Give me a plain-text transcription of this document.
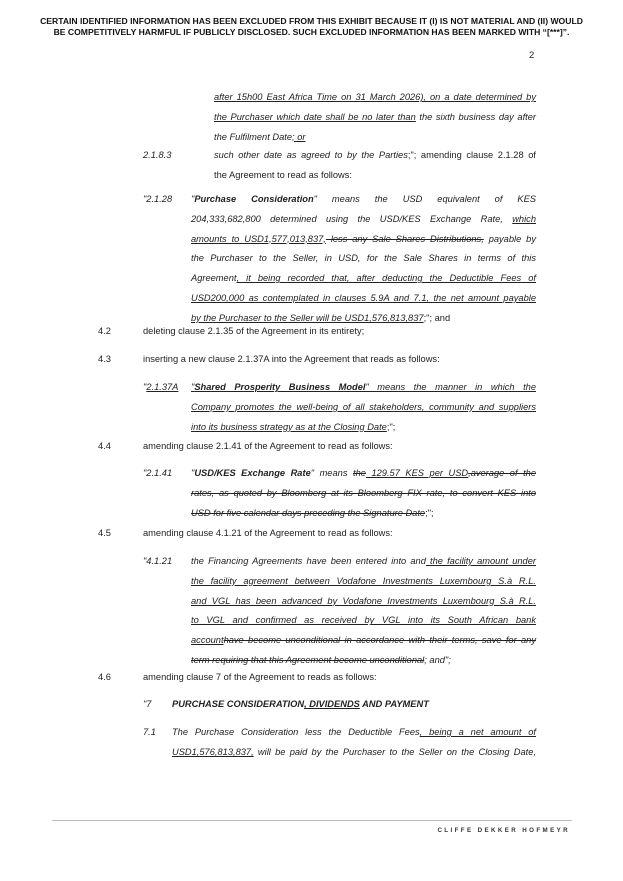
CERTAIN IDENTIFIED INFORMATION HAS BEEN EXCLUDED FROM THIS EXHIBIT BECAUSE IT (I) IS NOT MATERIAL AND (II) WOULD
BE COMPETITIVELY HARMFUL IF PUBLICLY DISCLOSED. SUCH EXCLUDED INFORMATION HAS BEEN MARKED WITH “[***]”.
2
after 15h00 East Africa Time on 31 March 2026), on a date determined by
the Purchaser which date shall be no later than the sixth business day after
the Fulfilment Date; or
2.1.8.3	such other date as agreed to by the Parties;"; amending clause 2.1.28 of
the Agreement to read as follows:
"2.1.28 "Purchase Consideration" means the USD equivalent of KES
204,333,682,800 determined using the USD/KES Exchange Rate, which
amounts to USD1,577,013,837, less any Sale Shares Distributions, payable by
the Purchaser to the Seller, in USD, for the Sale Shares in terms of this
Agreement, it being recorded that, after deducting the Deductible Fees of
USD200,000 as contemplated in clauses 5.9A and 7.1, the net amount payable
by the Purchaser to the Seller will be USD1,576,813,837;"; and
4.2	deleting clause 2.1.35 of the Agreement in its entirety;
4.3	inserting a new clause 2.1.37A into the Agreement that reads as follows:
"2.1.37A "Shared Prosperity Business Model" means the manner in which the
Company promotes the well-being of all stakeholders, community and suppliers
into its business strategy as at the Closing Date;";
4.4	amending clause 2.1.41 of the Agreement to read as follows:
"2.1.41 "USD/KES Exchange Rate" means the 129.57 KES per USD,average of the
rates, as quoted by Bloomberg at its Bloomberg FIX rate, to convert KES into
USD for five calendar days preceding the Signature Date;";
4.5	amending clause 4.1.21 of the Agreement to read as follows:
"4.1.21 the Financing Agreements have been entered into and the facility amount under
the facility agreement between Vodafone Investments Luxembourg S.à R.L.
and VGL has been advanced by Vodafone Investments Luxembourg S.à R.L.
to VGL and confirmed as received by VGL into its South African bank
accounthave become unconditional in accordance with their terms, save for any
term requiring that this Agreement become unconditional; and";
4.6	amending clause 7 of the Agreement to reads as follows:
"7 PURCHASE CONSIDERATION, DIVIDENDS AND PAYMENT
7.1 The Purchase Consideration less the Deductible Fees, being a net amount of
USD1,576,813,837, will be paid by the Purchaser to the Seller on the Closing Date,
CLIFFE DEKKER HOFMEYR
